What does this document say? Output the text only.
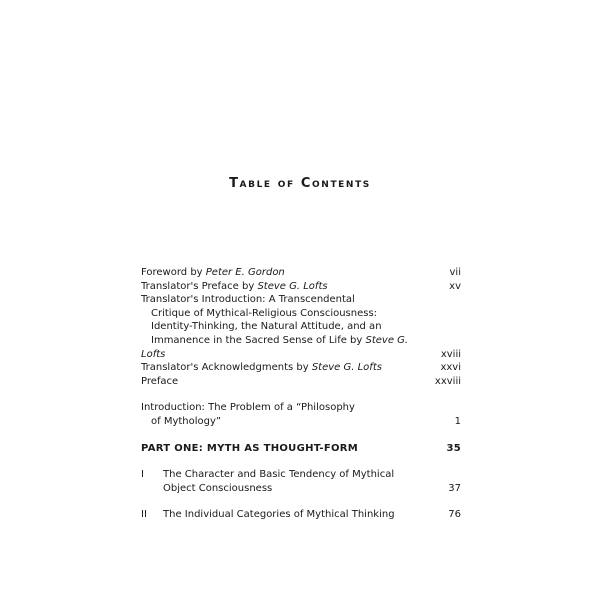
Table of Contents
Foreword by Peter E. Gordon	vii
Translator's Preface by Steve G. Lofts	xv
Translator's Introduction: A Transcendental
Critique of Mythical-Religious Consciousness:
Identity-Thinking, the Natural Attitude, and an
Immanence in the Sacred Sense of Life by Steve G. Lofts	xviii
Translator's Acknowledgments by Steve G. Lofts	xxvi
Preface	xxviii
Introduction: The Problem of a “Philosophy
of Mythology”	1
PART ONE: MYTH AS THOUGHT-FORM	35
I	The Character and Basic Tendency of Mythical
Object Consciousness	37
II	The Individual Categories of Mythical Thinking	76
